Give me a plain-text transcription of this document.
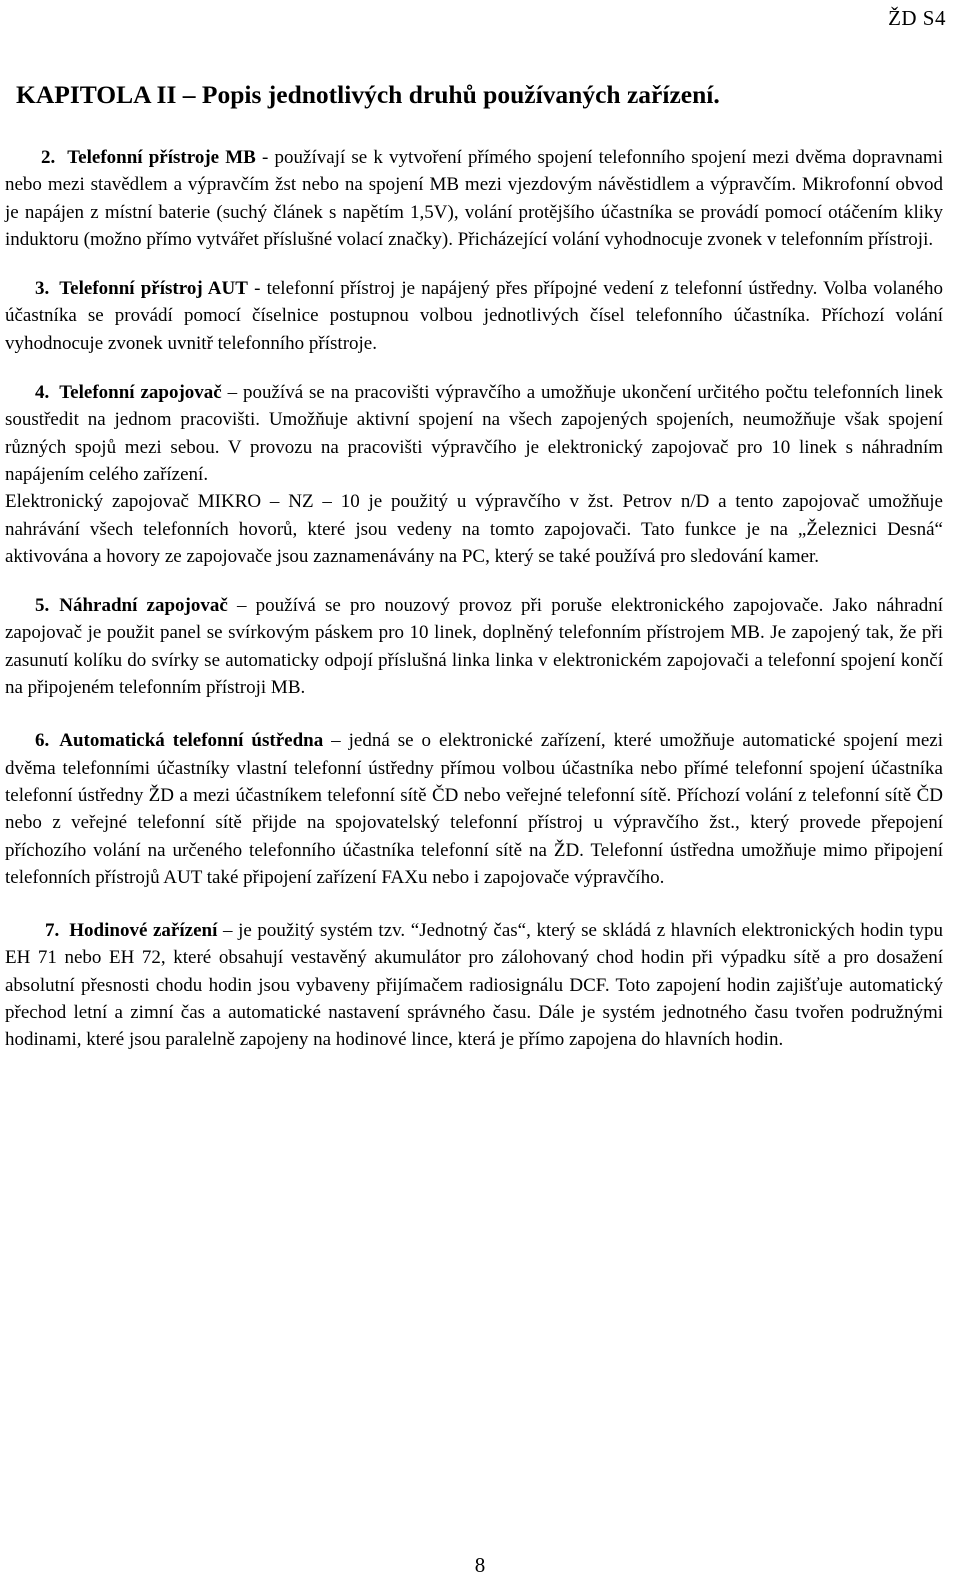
ŽD S4
KAPITOLA II – Popis jednotlivých druhů používaných zařízení.

2. Telefonní přístroje MB - používají se k vytvoření přímého spojení telefonního spojení mezi dvěma dopravnami nebo mezi stavědlem a výpravčím žst nebo na spojení MB mezi vjezdovým návěstidlem a výpravčím. Mikrofonní obvod je napájen z místní baterie (suchý článek s napětím 1,5V), volání protějšího účastníka se provádí pomocí otáčením kliky induktoru (možno přímo vytvářet příslušné volací značky). Přicházející volání vyhodnocuje zvonek v telefonním přístroji.

3. Telefonní přístroj AUT - telefonní přístroj je napájený přes přípojné vedení z telefonní ústředny. Volba volaného účastníka se provádí pomocí číselnice postupnou volbou jednotlivých čísel telefonního účastníka. Příchozí volání vyhodnocuje zvonek uvnitř telefonního přístroje.

4. Telefonní zapojovač – používá se na pracovišti výpravčího a umožňuje ukončení určitého počtu telefonních linek soustředit na jednom pracovišti. Umožňuje aktivní spojení na všech zapojených spojeních, neumožňuje však spojení různých spojů mezi sebou. V provozu na pracovišti výpravčího je elektronický zapojovač pro 10 linek s náhradním napájením celého zařízení.

Elektronický zapojovač MIKRO – NZ – 10 je použitý u výpravčího v žst. Petrov n/D a tento zapojovač umožňuje nahrávání všech telefonních hovorů, které jsou vedeny na tomto zapojovači. Tato funkce je na „Železnici Desná“ aktivována a hovory ze zapojovače jsou zaznamenávány na PC, který se také používá pro sledování kamer.

5. Náhradní zapojovač – používá se pro nouzový provoz při poruše elektronického zapojovače. Jako náhradní zapojovač je použit panel se svírkovým páskem pro 10 linek, doplněný telefonním přístrojem MB. Je zapojený tak, že při zasunutí kolíku do svírky se automaticky odpojí příslušná linka linka v elektronickém zapojovači a telefonní spojení končí na připojeném telefonním přístroji MB.

6. Automatická telefonní ústředna – jedná se o elektronické zařízení, které umožňuje automatické spojení mezi dvěma telefonními účastníky vlastní telefonní ústředny přímou volbou účastníka nebo přímé telefonní spojení účastníka telefonní ústředny ŽD a mezi účastníkem telefonní sítě ČD nebo veřejné telefonní sítě. Příchozí volání z telefonní sítě ČD nebo z veřejné telefonní sítě přijde na spojovatelský telefonní přístroj u výpravčího žst., který provede přepojení příchozího volání na určeného telefonního účastníka telefonní sítě na ŽD. Telefonní ústředna umožňuje mimo připojení telefonních přístrojů AUT také připojení zařízení FAXu nebo i zapojovače výpravčího.

7. Hodinové zařízení – je použitý systém tzv. “Jednotný čas“, který se skládá z hlavních elektronických hodin typu EH 71 nebo EH 72, které obsahují vestavěný akumulátor pro zálohovaný chod hodin při výpadku sítě a pro dosažení absolutní přesnosti chodu hodin jsou vybaveny přijímačem radiosignálu DCF. Toto zapojení hodin zajišťuje automatický přechod letní a zimní čas a automatické nastavení správného času. Dále je systém jednotného času tvořen podružnými hodinami, které jsou paralelně zapojeny na hodinové lince, která je přímo zapojena do hlavních hodin.

8
